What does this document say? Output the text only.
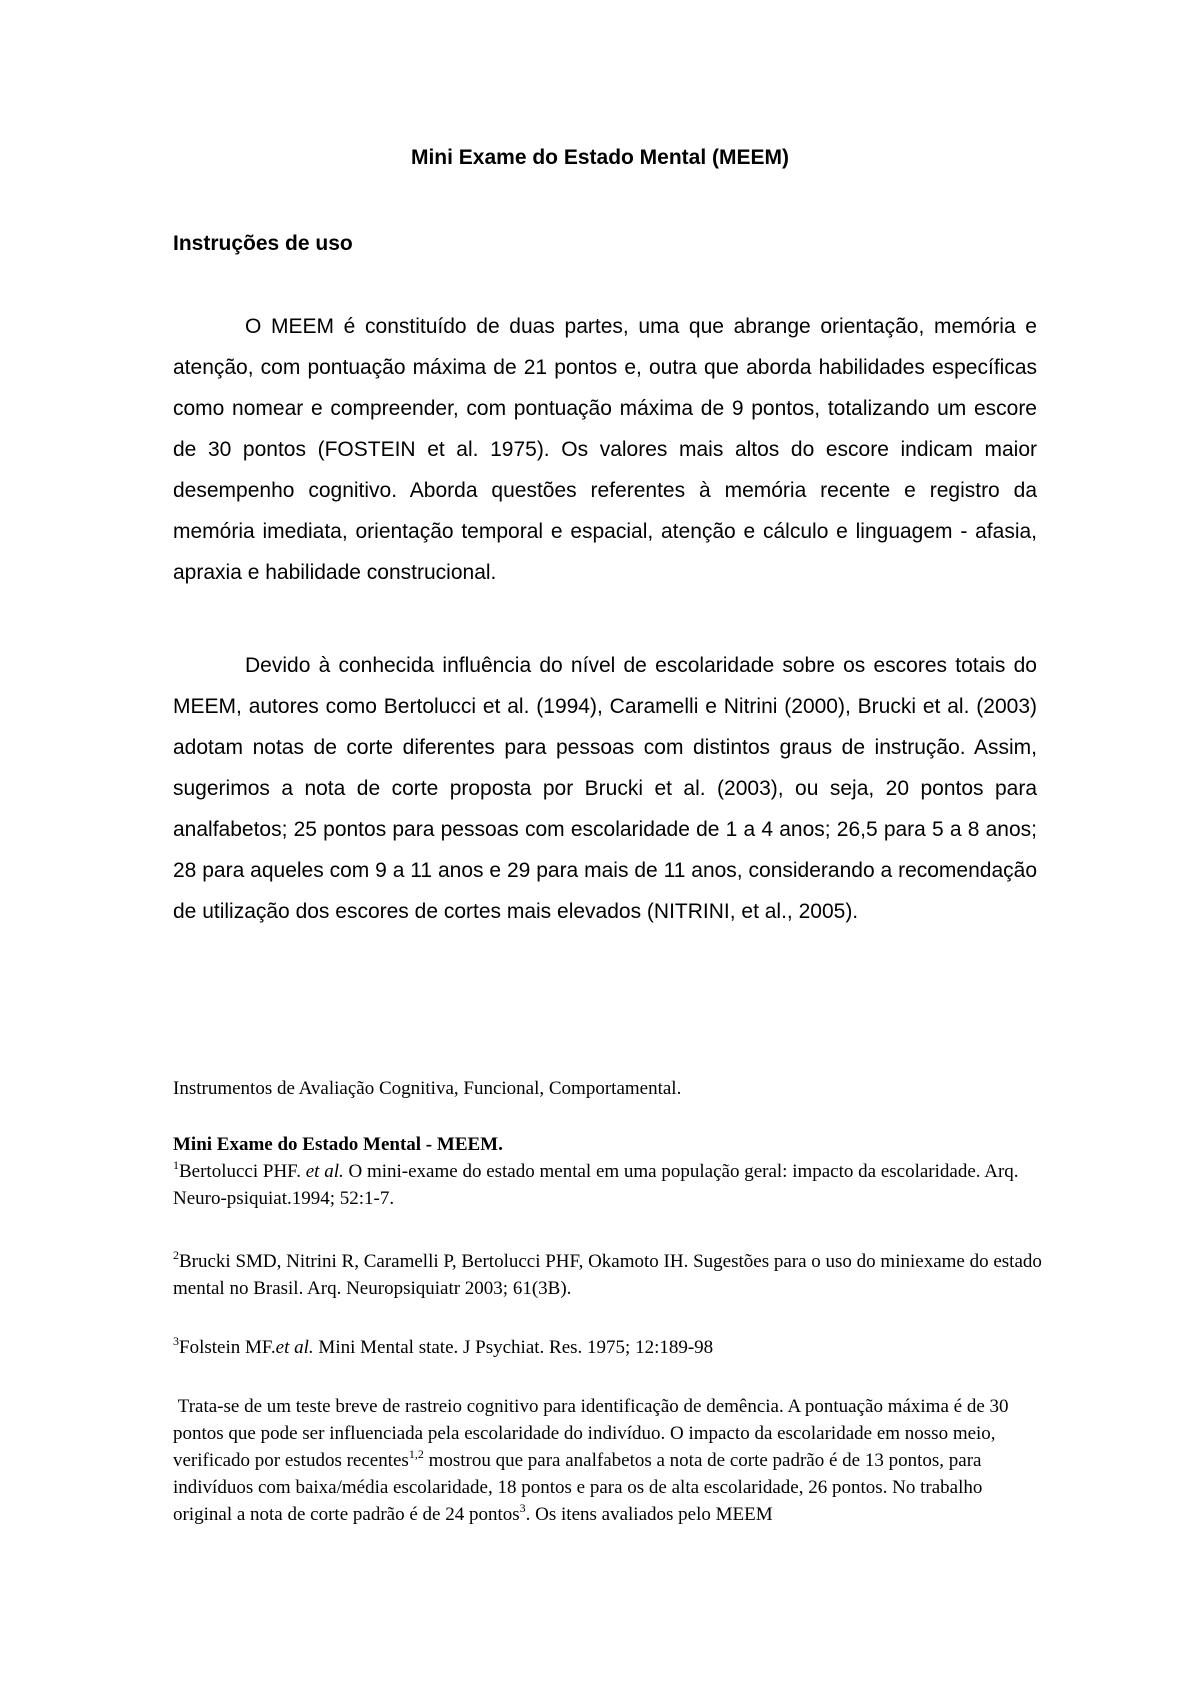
Mini Exame do Estado Mental (MEEM)
Instruções de uso

O MEEM é constituído de duas partes, uma que abrange orientação, memória e atenção, com pontuação máxima de 21 pontos e, outra que aborda habilidades específicas como nomear e compreender, com pontuação máxima de 9 pontos, totalizando um escore de 30 pontos (FOSTEIN et al. 1975). Os valores mais altos do escore indicam maior desempenho cognitivo. Aborda questões referentes à memória recente e registro da memória imediata, orientação temporal e espacial, atenção e cálculo e linguagem - afasia, apraxia e habilidade construcional.

Devido à conhecida influência do nível de escolaridade sobre os escores totais do MEEM, autores como Bertolucci et al. (1994), Caramelli e Nitrini (2000), Brucki et al. (2003) adotam notas de corte diferentes para pessoas com distintos graus de instrução. Assim, sugerimos a nota de corte proposta por Brucki et al. (2003), ou seja, 20 pontos para analfabetos; 25 pontos para pessoas com escolaridade de 1 a 4 anos; 26,5 para 5 a 8 anos; 28 para aqueles com 9 a 11 anos e 29 para mais de 11 anos, considerando a recomendação de utilização dos escores de cortes mais elevados (NITRINI, et al., 2005).

Instrumentos de Avaliação Cognitiva, Funcional, Comportamental.
Mini Exame do Estado Mental - MEEM.

$^1$Bertolucci PHF. et al. O mini-exame do estado mental em uma população geral: impacto da escolaridade. Arq. Neuro-psiquiat.1994; 52:1-7.

$^2$Brucki SMD, Nitrini R, Caramelli P, Bertolucci PHF, Okamoto IH. Sugestões para o uso do miniexame do estado mental no Brasil. Arq. Neuropsiquiatr 2003; 61(3B).

$^3$Folstein MF.et al. Mini Mental state. J Psychiat. Res. 1975; 12:189-98

Trata-se de um teste breve de rastreio cognitivo para identificação de demência. A pontuação máxima é de 30 pontos que pode ser influenciada pela escolaridade do indivíduo. O impacto da escolaridade em nosso meio, verificado por estudos recentes$^{1,2}$ mostrou que para analfabetos a nota de corte padrão é de 13 pontos, para indivíduos com baixa/média escolaridade, 18 pontos e para os de alta escolaridade, 26 pontos. No trabalho original a nota de corte padrão é de 24 pontos$^3$. Os itens avaliados pelo MEEM
